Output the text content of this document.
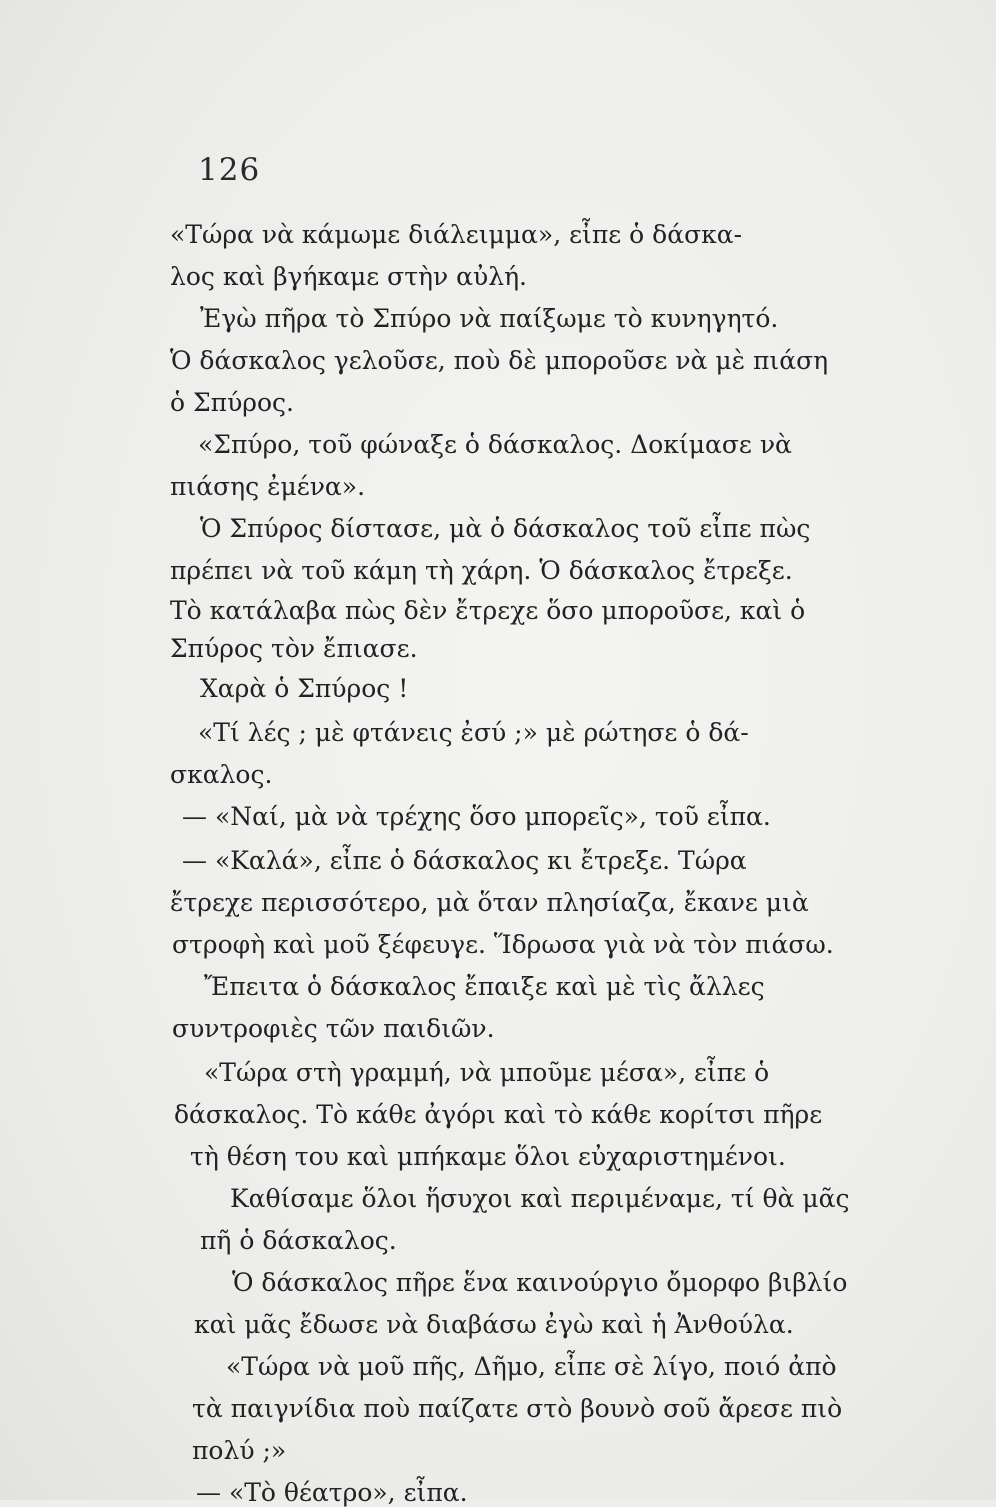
126
«Τώρα νὰ κάμωμε διάλειμμα», εἶπε ὁ δάσκα-
λος καὶ βγήκαμε στὴν αὐλή.
Ἐγὼ πῆρα τὸ Σπύρο νὰ παίξωμε τὸ κυνηγητό.
Ὁ δάσκαλος γελοῦσε, ποὺ δὲ μποροῦσε νὰ μὲ πιάση
ὁ Σπύρος.
«Σπύρο, τοῦ φώναξε ὁ δάσκαλος. Δοκίμασε νὰ
πιάσης ἐμένα».
Ὁ Σπύρος δίστασε, μὰ ὁ δάσκαλος τοῦ εἶπε πὼς
πρέπει νὰ τοῦ κάμη τὴ χάρη. Ὁ δάσκαλος ἔτρεξε.
Τὸ κατάλαβα πὼς δὲν ἔτρεχε ὅσο μποροῦσε, καὶ ὁ
Σπύρος τὸν ἔπιασε.
Χαρὰ ὁ Σπύρος !
«Τί λές ; μὲ φτάνεις ἐσύ ;» μὲ ρώτησε ὁ δά-
σκαλος.
— «Ναί, μὰ νὰ τρέχης ὅσο μπορεῖς», τοῦ εἶπα.
— «Καλά», εἶπε ὁ δάσκαλος κι ἔτρεξε. Τώρα
ἔτρεχε περισσότερο, μὰ ὅταν πλησίαζα, ἔκανε μιὰ
στροφὴ καὶ μοῦ ξέφευγε. Ἵδρωσα γιὰ νὰ τὸν πιάσω.
Ἔπειτα ὁ δάσκαλος ἔπαιξε καὶ μὲ τὶς ἄλλες
συντροφιὲς τῶν παιδιῶν.
«Τώρα στὴ γραμμή, νὰ μποῦμε μέσα», εἶπε ὁ
δάσκαλος. Τὸ κάθε ἀγόρι καὶ τὸ κάθε κορίτσι πῆρε
τὴ θέση του καὶ μπήκαμε ὅλοι εὐχαριστημένοι.
Καθίσαμε ὅλοι ἥσυχοι καὶ περιμέναμε, τί θὰ μᾶς
πῆ ὁ δάσκαλος.
Ὁ δάσκαλος πῆρε ἕνα καινούργιο ὄμορφο βιβλίο
καὶ μᾶς ἔδωσε νὰ διαβάσω ἐγὼ καὶ ἡ Ἀνθούλα.
«Τώρα νὰ μοῦ πῆς, Δῆμο, εἶπε σὲ λίγο, ποιό ἀπὸ
τὰ παιγνίδια ποὺ παίζατε στὸ βουνὸ σοῦ ἄρεσε πιὸ
πολύ ;»
— «Τὸ θέατρο», εἶπα.
